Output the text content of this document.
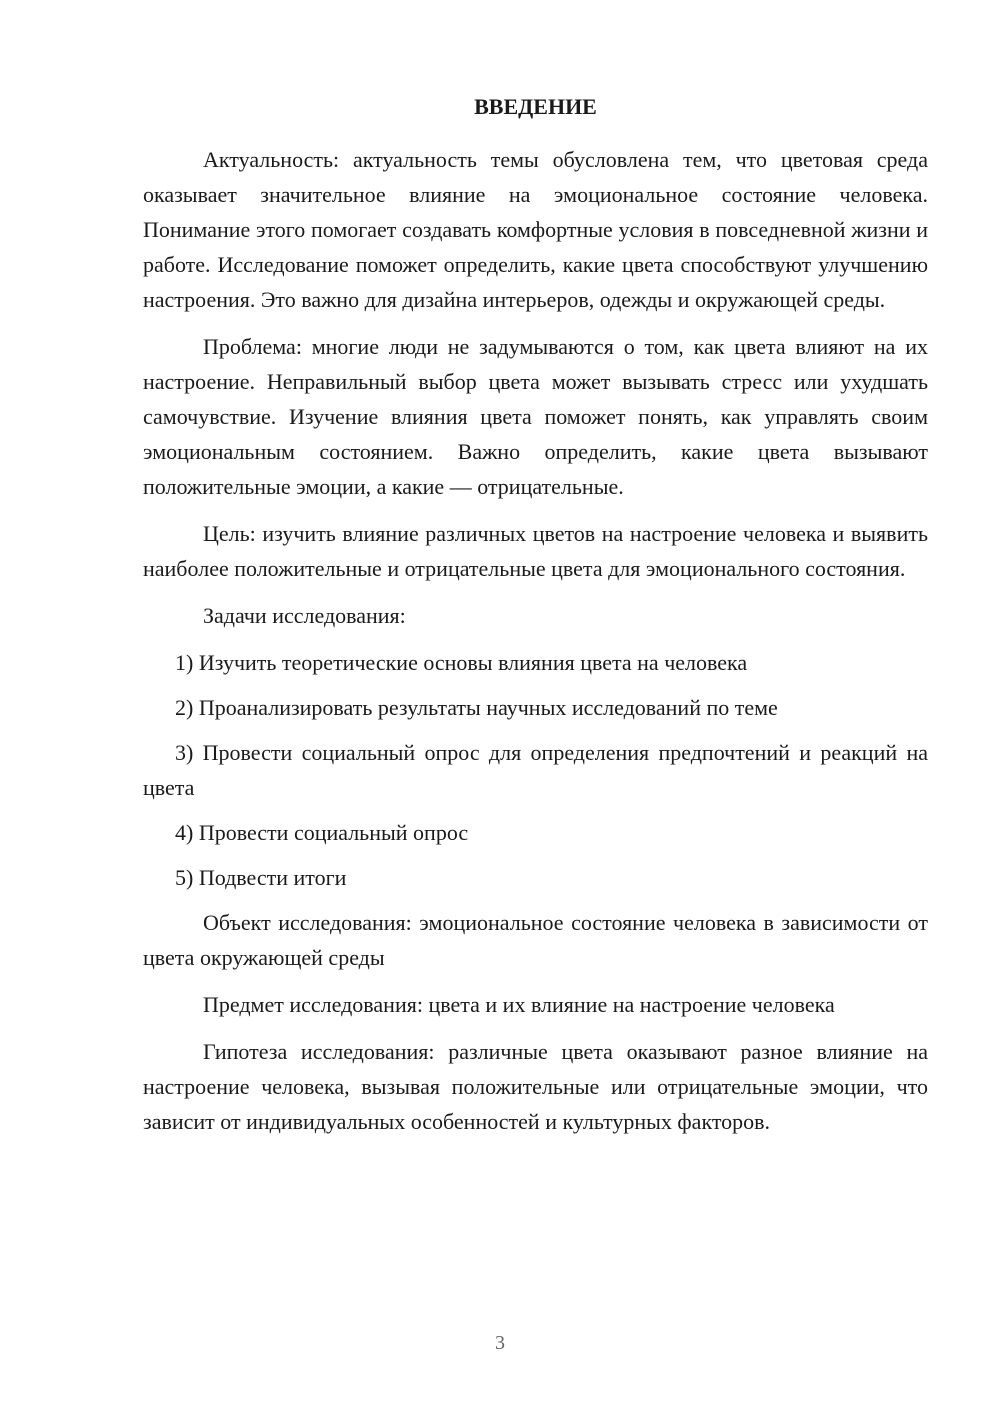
ВВЕДЕНИЕ

Актуальность: актуальность темы обусловлена тем, что цветовая среда оказывает значительное влияние на эмоциональное состояние человека. Понимание этого помогает создавать комфортные условия в повседневной жизни и работе. Исследование поможет определить, какие цвета способствуют улучшению настроения. Это важно для дизайна интерьеров, одежды и окружающей среды.

Проблема: многие люди не задумываются о том, как цвета влияют на их настроение. Неправильный выбор цвета может вызывать стресс или ухудшать самочувствие. Изучение влияния цвета поможет понять, как управлять своим эмоциональным состоянием. Важно определить, какие цвета вызывают положительные эмоции, а какие — отрицательные.

Цель: изучить влияние различных цветов на настроение человека и выявить наиболее положительные и отрицательные цвета для эмоционального состояния.

Задачи исследования:

1) Изучить теоретические основы влияния цвета на человека

2) Проанализировать результаты научных исследований по теме

3) Провести социальный опрос для определения предпочтений и реакций на цвета

4) Провести социальный опрос

5) Подвести итоги

Объект исследования: эмоциональное состояние человека в зависимости от цвета окружающей среды

Предмет исследования: цвета и их влияние на настроение человека

Гипотеза исследования: различные цвета оказывают разное влияние на настроение человека, вызывая положительные или отрицательные эмоции, что зависит от индивидуальных особенностей и культурных факторов.

3
